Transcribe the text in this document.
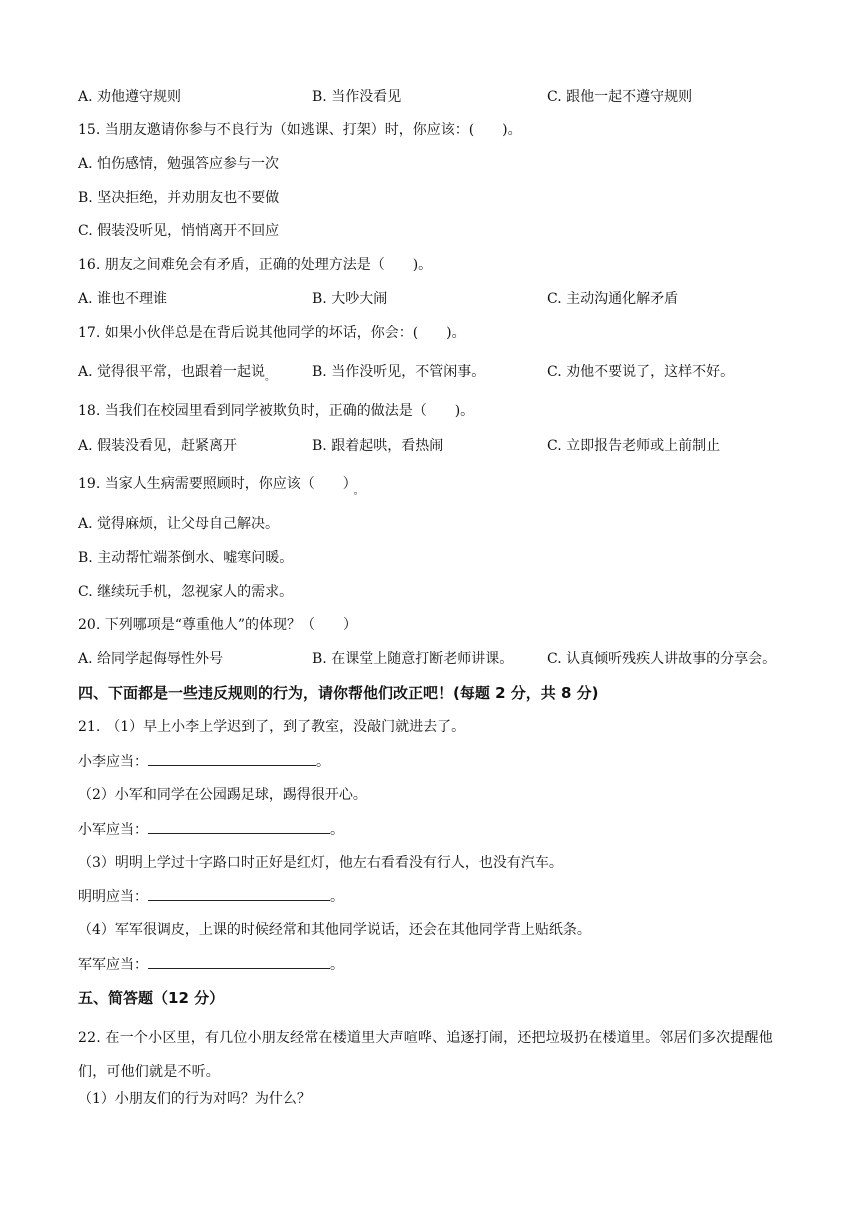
A. 劝他遵守规则	B. 当作没看见	C. 跟他一起不遵守规则
15. 当朋友邀请你参与不良行为（如逃课、打架）时，你应该：(　　)。
A. 怕伤感情，勉强答应参与一次
B. 坚决拒绝，并劝朋友也不要做
C. 假装没听见，悄悄离开不回应
16. 朋友之间难免会有矛盾，正确的处理方法是（　　)。
A. 谁也不理谁	B. 大吵大闹	C. 主动沟通化解矛盾
17. 如果小伙伴总是在背后说其他同学的坏话，你会：(　　)。
A. 觉得很平常，也跟着一起说$_。$	B. 当作没听见，不管闲事。	C. 劝他不要说了，这样不好。
18. 当我们在校园里看到同学被欺负时，正确的做法是（　　)。
A. 假装没看见，赶紧离开	B. 跟着起哄，看热闹	C. 立即报告老师或上前制止
19. 当家人生病需要照顾时，你应该（　　） $_。$
A. 觉得麻烦，让父母自己解决。
B. 主动帮忙端茶倒水、嘘寒问暖。
C. 继续玩手机，忽视家人的需求。
20. 下列哪项是“尊重他人”的体现？（　　）
A. 给同学起侮辱性外号	B. 在课堂上随意打断老师讲课。 C. 认真倾听残疾人讲故事的分享会。
四、下面都是一些违反规则的行为，请你帮他们改正吧！(每题 2 分，共 8 分)
21. （1）早上小李上学迟到了，到了教室，没敲门就进去了。
小李应当：	。
（2）小军和同学在公园踢足球，踢得很开心。
小军应当：	。
（3）明明上学过十字路口时正好是红灯，他左右看看没有行人，也没有汽车。
明明应当：	。
（4）军军很调皮，上课的时候经常和其他同学说话，还会在其他同学背上贴纸条。
军军应当：	。
五、简答题（12 分）
22. 在一个小区里，有几位小朋友经常在楼道里大声喧哗、追逐打闹，还把垃圾扔在楼道里。邻居们多次提醒他们，可他们就是不听。
（1）小朋友们的行为对吗？为什么？
